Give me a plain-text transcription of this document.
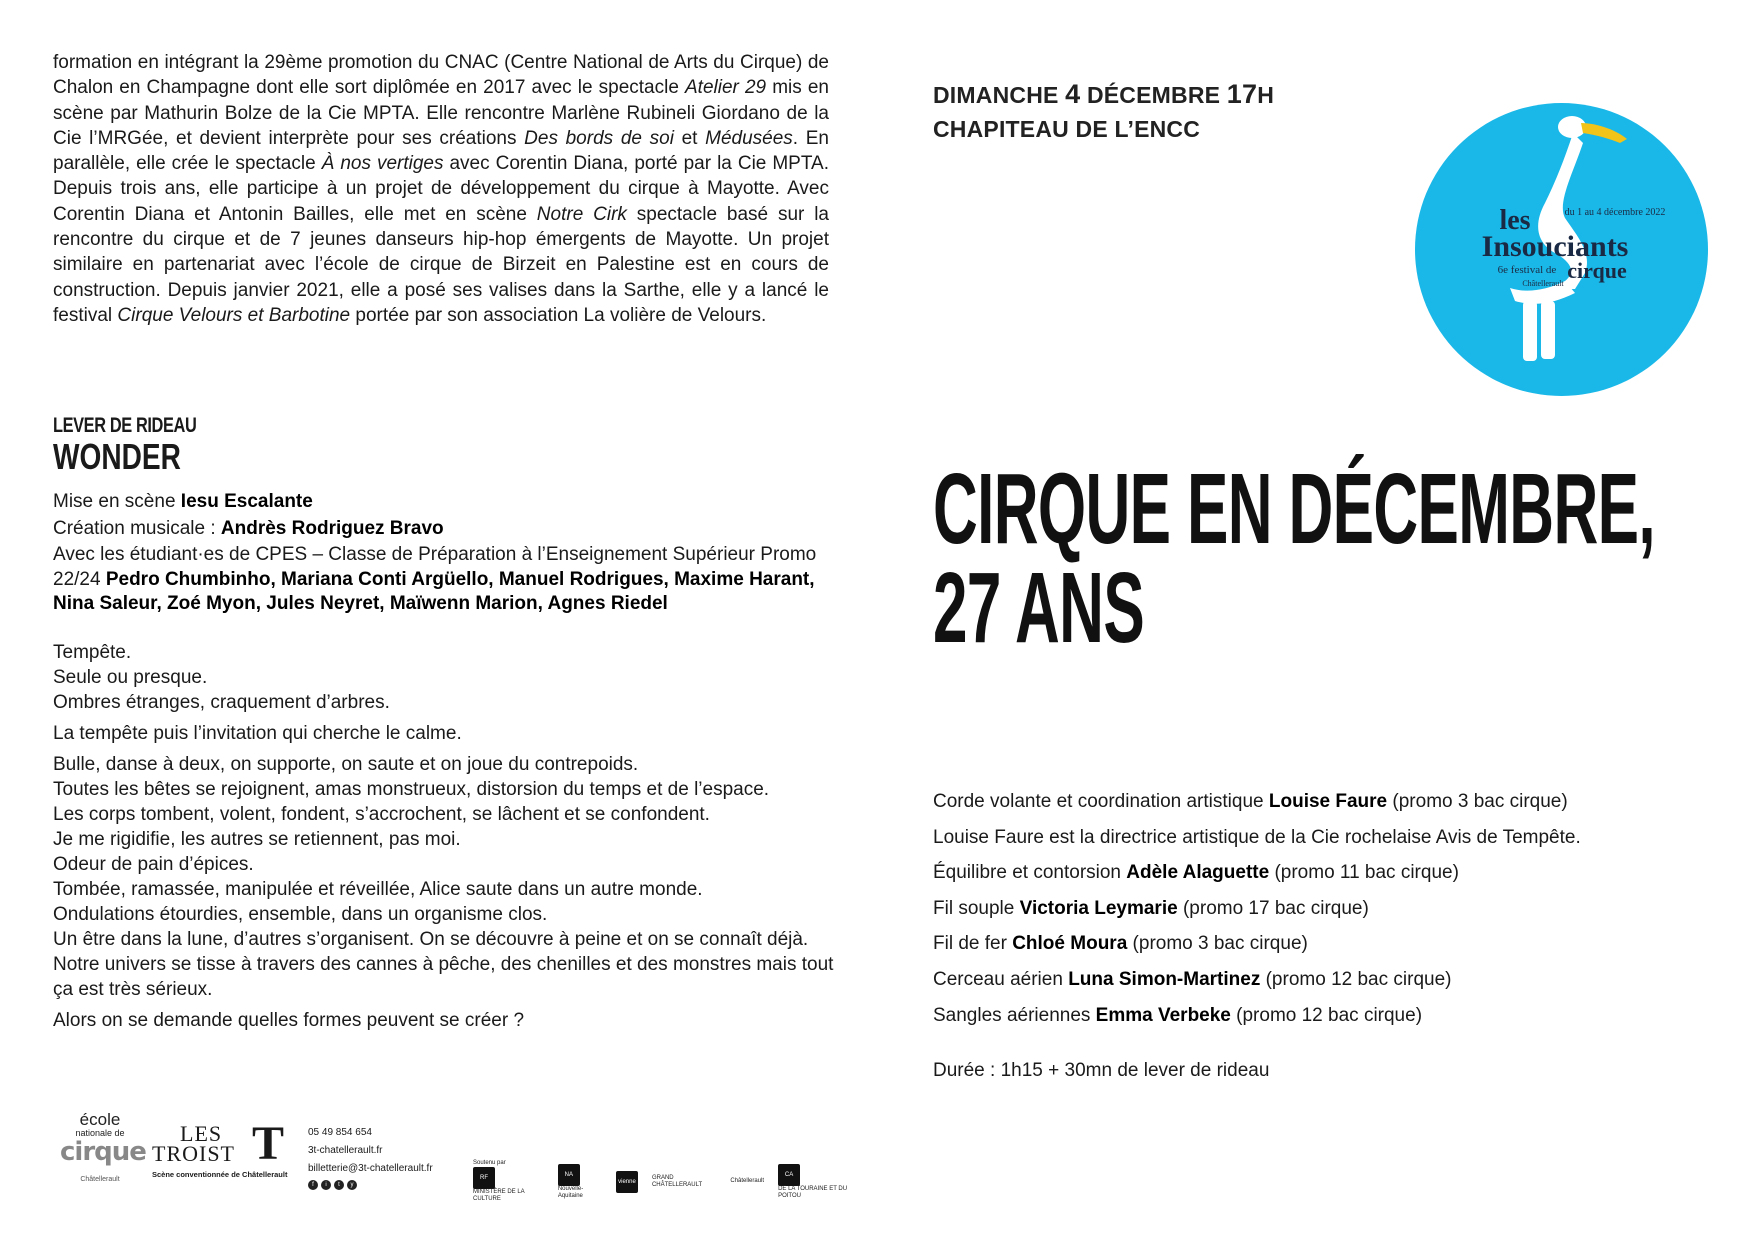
formation en intégrant la 29ème promotion du CNAC (Centre National de Arts du Cirque) de Chalon en Champagne dont elle sort diplômée en 2017 avec le spectacle Atelier 29 mis en scène par Mathurin Bolze de la Cie MPTA. Elle rencontre Marlène Rubineli Giordano de la Cie l’MRGée, et devient interprète pour ses créations Des bords de soi et Médusées. En parallèle, elle crée le spectacle À nos vertiges avec Corentin Diana, porté par la Cie MPTA. Depuis trois ans, elle participe à un projet de développement du cirque à Mayotte. Avec Corentin Diana et Antonin Bailles, elle met en scène Notre Cirk spectacle basé sur la rencontre du cirque et de 7 jeunes danseurs hip-hop émergents de Mayotte. Un projet similaire en partenariat avec l’école de cirque de Birzeit en Palestine est en cours de construction. Depuis janvier 2021, elle a posé ses valises dans la Sarthe, elle y a lancé le festival Cirque Velours et Barbotine portée par son association La volière de Velours.
LEVER DE RIDEAU
WONDER
Mise en scène Iesu Escalante
Création musicale : Andrès Rodriguez Bravo
Avec les étudiant·es de CPES – Classe de Préparation à l’Enseignement Supérieur Promo 22/24 Pedro Chumbinho, Mariana Conti Argüello, Manuel Rodrigues, Maxime Harant, Nina Saleur, Zoé Myon, Jules Neyret, Maïwenn Marion, Agnes Riedel
Tempête.
Seule ou presque.
Ombres étranges, craquement d’arbres.
La tempête puis l’invitation qui cherche le calme.
Bulle, danse à deux, on supporte, on saute et on joue du contrepoids.
Toutes les bêtes se rejoignent, amas monstrueux, distorsion du temps et de l’espace.
Les corps tombent, volent, fondent, s’accrochent, se lâchent et se confondent.
Je me rigidifie, les autres se retiennent, pas moi.
Odeur de pain d’épices.
Tombée, ramassée, manipulée et réveillée, Alice saute dans un autre monde.
Ondulations étourdies, ensemble, dans un organisme clos.
Un être dans la lune, d’autres s’organisent. On se découvre à peine et on se connaît déjà. Notre univers se tisse à travers des cannes à pêche, des chenilles et des monstres mais tout ça est très sérieux.
Alors on se demande quelles formes peuvent se créer ?
DIMANCHE 4 DÉCEMBRE 17H
CHAPITEAU DE L’ENCC
les
Insouciants
du 1 au 4 décembre 2022
6e festival de cirque
Châtellerault
CIRQUE EN DÉCEMBRE,
27 ANS
Corde volante et coordination artistique Louise Faure (promo 3 bac cirque)
Louise Faure est la directrice artistique de la Cie rochelaise Avis de Tempête.
Équilibre et contorsion Adèle Alaguette (promo 11 bac cirque)
Fil souple Victoria Leymarie (promo 17 bac cirque)
Fil de fer Chloé Moura (promo 3 bac cirque)
Cerceau aérien Luna Simon-Martinez (promo 12 bac cirque)
Sangles aériennes Emma Verbeke (promo 12 bac cirque)
Durée : 1h15 + 30mn de lever de rideau
école
nationale de
cirque
Châtellerault
LES
TROIST T
Scène conventionnée de Châtellerault
05 49 854 654
3t-chatellerault.fr
billetterie@3t-chatellerault.fr
f	i	t	y
Soutenu par
RF
MINISTÈRE DE LA CULTURE
NA
Nouvelle-Aquitaine
vienne
GRAND CHÂTELLERAULT
Châtellerault
CA
DE LA TOURAINE ET DU POITOU
